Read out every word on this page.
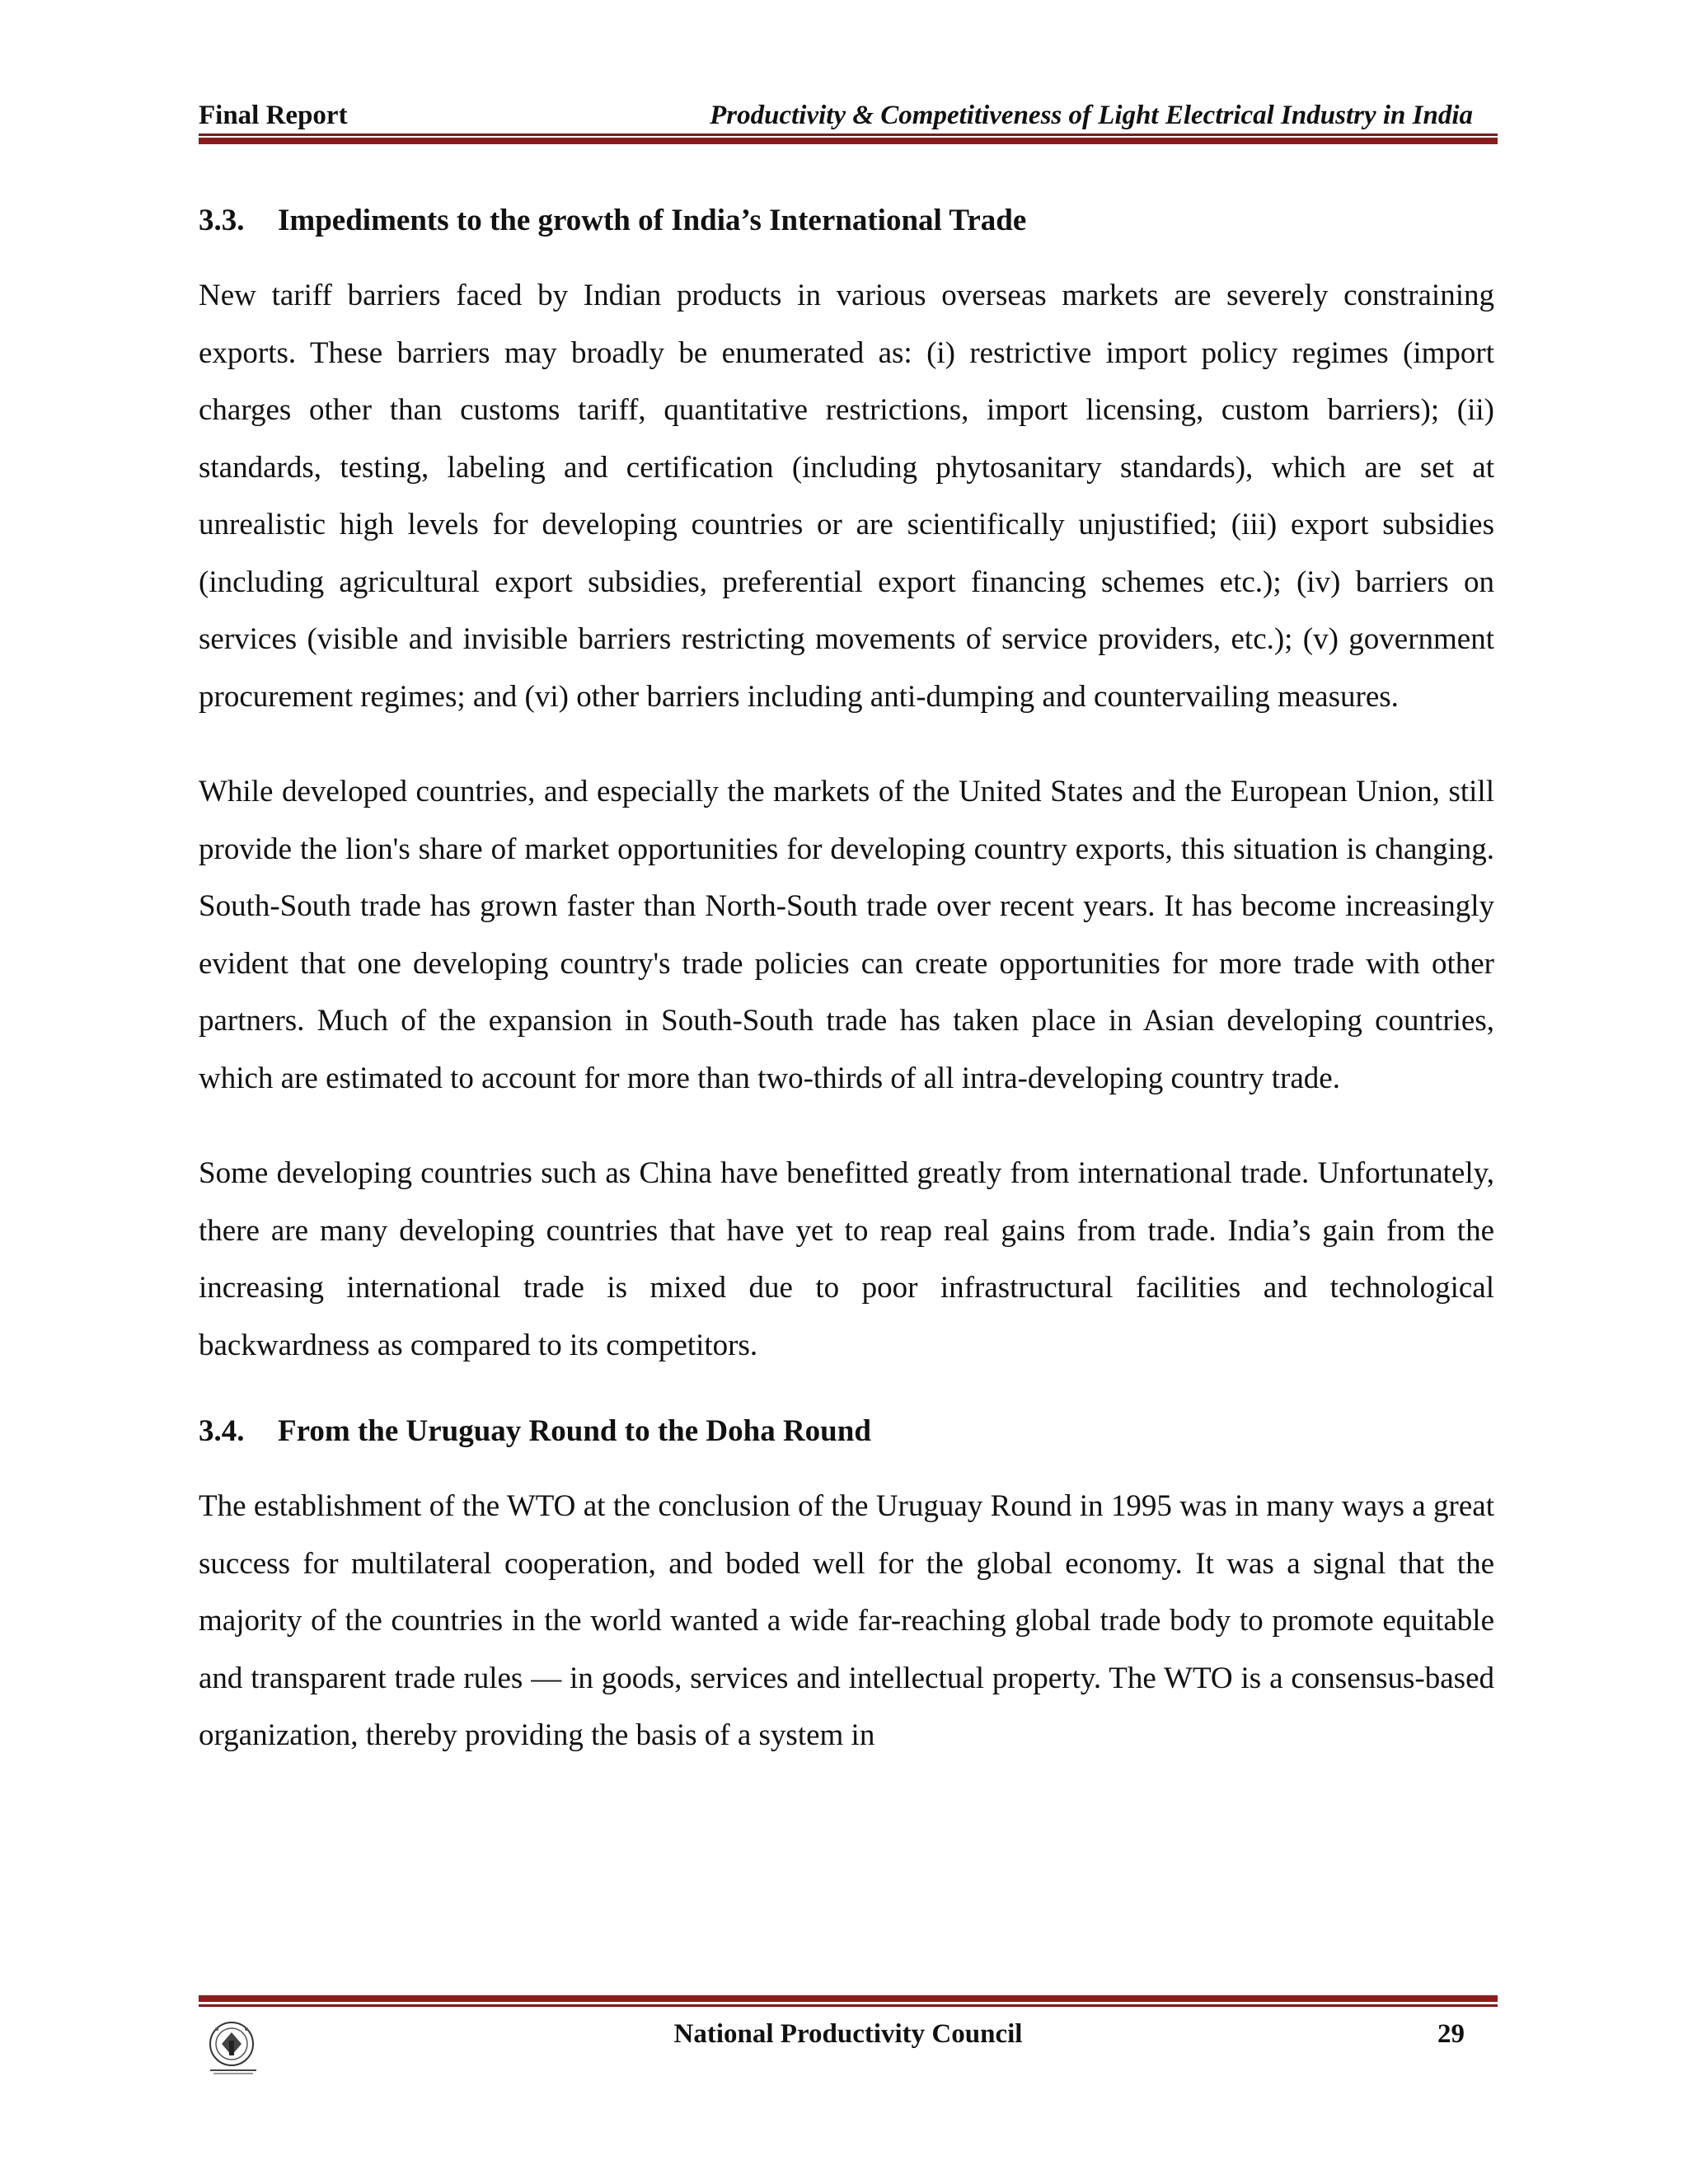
Final Report	Productivity & Competitiveness of Light Electrical Industry in India
3.3. Impediments to the growth of India’s International Trade

New tariff barriers faced by Indian products in various overseas markets are severely constraining exports. These barriers may broadly be enumerated as: (i) restrictive import policy regimes (import charges other than customs tariff, quantitative restrictions, import licensing, custom barriers); (ii) standards, testing, labeling and certification (including phytosanitary standards), which are set at unrealistic high levels for developing countries or are scientifically unjustified; (iii) export subsidies (including agricultural export subsidies, preferential export financing schemes etc.); (iv) barriers on services (visible and invisible barriers restricting movements of service providers, etc.); (v) government procurement regimes; and (vi) other barriers including anti-dumping and countervailing measures.

While developed countries, and especially the markets of the United States and the European Union, still provide the lion's share of market opportunities for developing country exports, this situation is changing. South-South trade has grown faster than North-South trade over recent years. It has become increasingly evident that one developing country's trade policies can create opportunities for more trade with other partners. Much of the expansion in South-South trade has taken place in Asian developing countries, which are estimated to account for more than two-thirds of all intra-developing country trade.

Some developing countries such as China have benefitted greatly from international trade. Unfortunately, there are many developing countries that have yet to reap real gains from trade. India’s gain from the increasing international trade is mixed due to poor infrastructural facilities and technological backwardness as compared to its competitors.

3.4. From the Uruguay Round to the Doha Round

The establishment of the WTO at the conclusion of the Uruguay Round in 1995 was in many ways a great success for multilateral cooperation, and boded well for the global economy. It was a signal that the majority of the countries in the world wanted a wide far-reaching global trade body to promote equitable and transparent trade rules — in goods, services and intellectual property. The WTO is a consensus-based organization, thereby providing the basis of a system in

National Productivity Council	29
